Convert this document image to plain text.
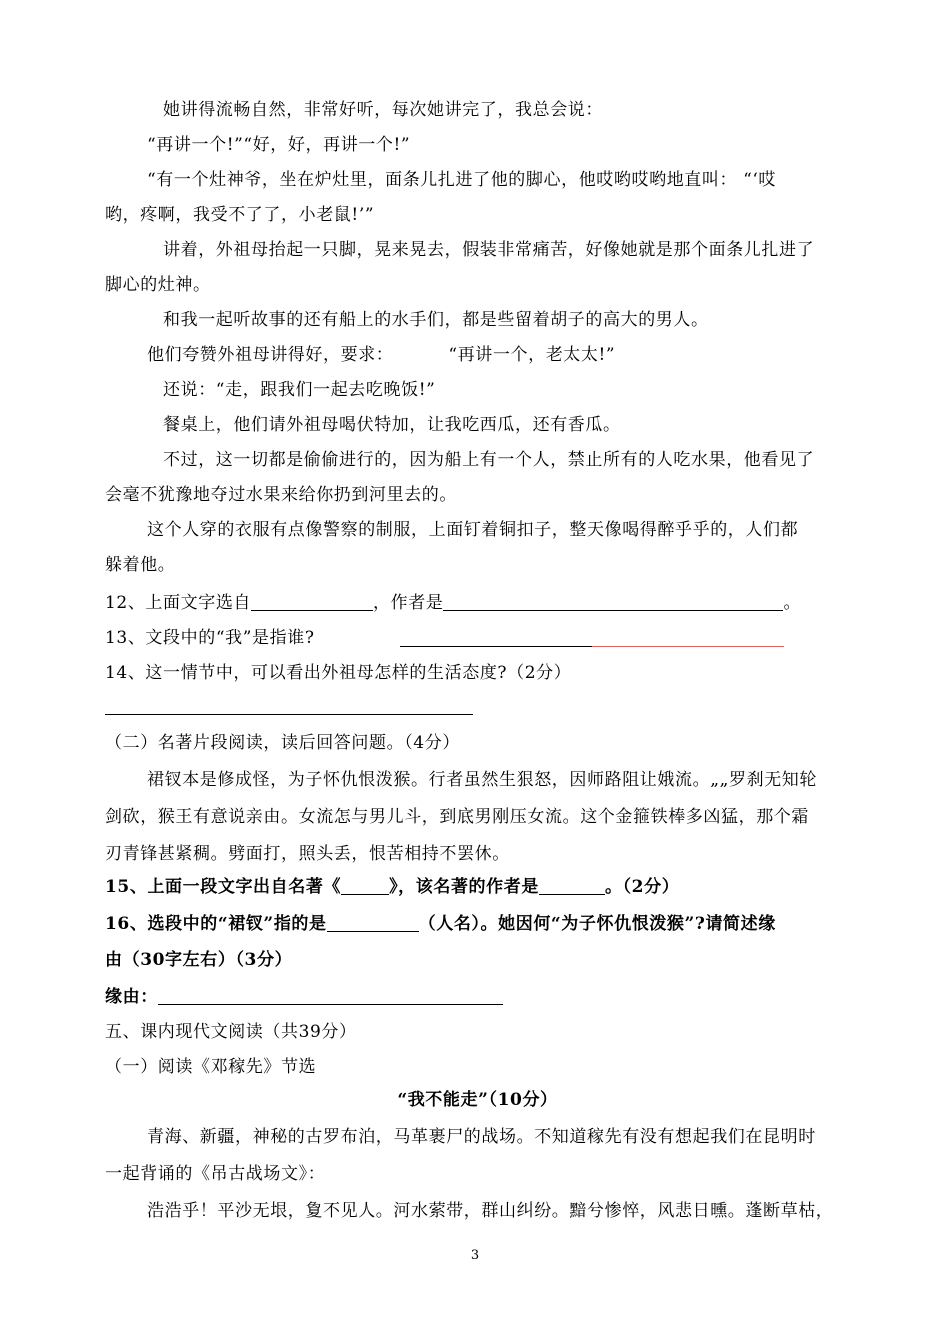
她讲得流畅自然，非常好听，每次她讲完了，我总会说：
“再讲一个!”“好，好，再讲一个!”
“有一个灶神爷，坐在炉灶里，面条儿扎进了他的脚心，他哎哟哎哟地直叫： “‘哎
哟，疼啊，我受不了了，小老鼠!’”
讲着，外祖母抬起一只脚，晃来晃去，假装非常痛苦，好像她就是那个面条儿扎进了
脚心的灶神。
和我一起听故事的还有船上的水手们，都是些留着胡子的高大的男人。
他们夸赞外祖母讲得好，要求：	“再讲一个，老太太!”
还说：“走，跟我们一起去吃晚饭!”
餐桌上，他们请外祖母喝伏特加，让我吃西瓜，还有香瓜。
不过，这一切都是偷偷进行的，因为船上有一个人，禁止所有的人吃水果，他看见了
会毫不犹豫地夺过水果来给你扔到河里去的。
这个人穿的衣服有点像警察的制服，上面钉着铜扣子，整天像喝得醉乎乎的，人们都
躲着他。
12、上面文字选自	，作者是	。
13、文段中的“我”是指谁?
14、这一情节中，可以看出外祖母怎样的生活态度?（2分）
（二）名著片段阅读，读后回答问题。（4分）
裙钗本是修成怪，为子怀仇恨泼猴。行者虽然生狠怒，因师路阻让娥流。„„罗刹无知轮
剑砍，猴王有意说亲由。女流怎与男儿斗，到底男刚压女流。这个金箍铁棒多凶猛，那个霜
刃青锋甚紧稠。劈面打，照头丢，恨苦相持不罢休。
15、上面一段文字出自名著《	》，该名著的作者是	。（2分）
16、选段中的“裙钗”指的是	（人名）。她因何“为子怀仇恨泼猴”?请简述缘
由（30字左右）（3分）
缘由：
五、课内现代文阅读（共39分）
（一）阅读《邓稼先》节选
“我不能走”（10分）
青海、新疆，神秘的古罗布泊，马革裹尸的战场。不知道稼先有没有想起我们在昆明时
一起背诵的《吊古战场文》：
浩浩乎！平沙无垠，夐不见人。河水萦带，群山纠纷。黯兮惨悴，风悲日曛。蓬断草枯，
3
